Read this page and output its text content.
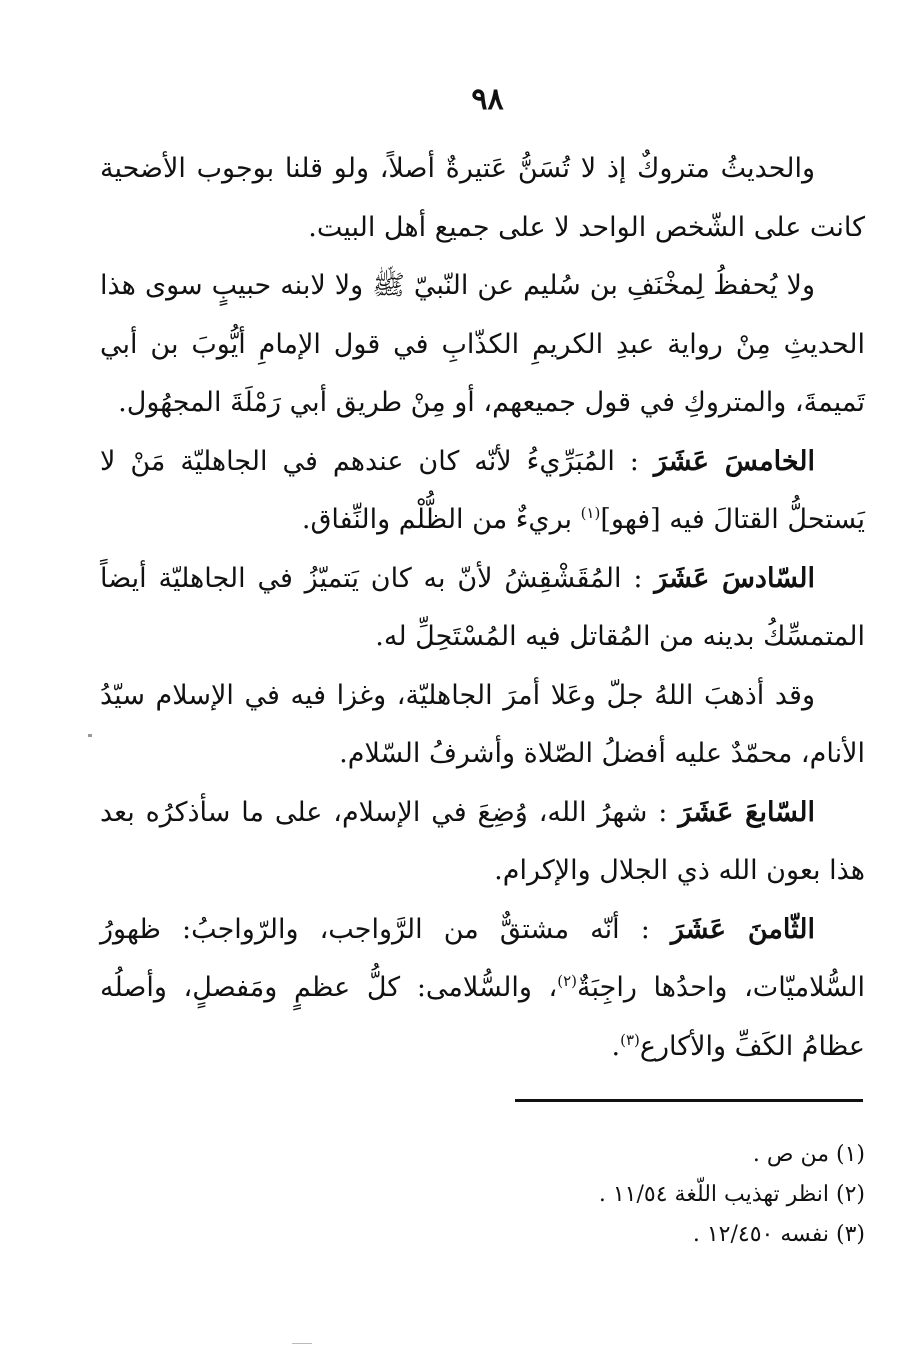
٩٨

والحديثُ متروكٌ إذ لا تُسَنُّ عَتيرةٌ أصلاً، ولو قلنا بوجوب الأضحية كانت على الشّخص الواحد لا على جميع أهل البيت.

ولا يُحفظُ لِمخْنَفِ بن سُليم عن النّبيّ ﷺ ولا لابنه حبيبٍ سوى هذا الحديثِ مِنْ رواية عبدِ الكريمِ الكذّابِ في قول الإمامِ أيُّوبَ بن أبي تَميمةَ، والمتروكِ في قول جميعهم، أو مِنْ طريق أبي رَمْلَةَ المجهُول.

الخامسَ عَشَرَ : المُبَرِّيءُ لأنّه كان عندهم في الجاهليّة مَنْ لا يَستحلُّ القتالَ فيه [فهو]$^{(١)}$ بريءٌ من الظُّلْم والنِّفاق.

السّادسَ عَشَرَ : المُقَشْقِشُ لأنّ به كان يَتميّزُ في الجاهليّة أيضاً المتمسِّكُ بدينه من المُقاتل فيه المُسْتَحِلِّ له.

وقد أذهبَ اللهُ جلّ وعَلا أمرَ الجاهليّة، وغزا فيه في الإسلام سيّدُ الأنام، محمّدٌ عليه أفضلُ الصّلاة وأشرفُ السّلام.

السّابعَ عَشَرَ : شهرُ الله، وُضِعَ في الإسلام، على ما سأذكرُه بعد هذا بعون الله ذي الجلال والإكرام.

الثّامنَ عَشَرَ : أنّه مشتقٌّ من الرَّواجب، والرّواجبُ: ظهورُ السُّلاميّات، واحدُها راجِبَةٌ$^{(٢)}$، والسُّلامى: كلُّ عظمٍ ومَفصلٍ، وأصلُه عظامُ الكَفِّ والأكارع$^{(٣)}$.

(١) من ص .
(٢) انظر تهذيب اللّغة ١١/٥٤ .
(٣) نفسه ١٢/٤٥٠ .
